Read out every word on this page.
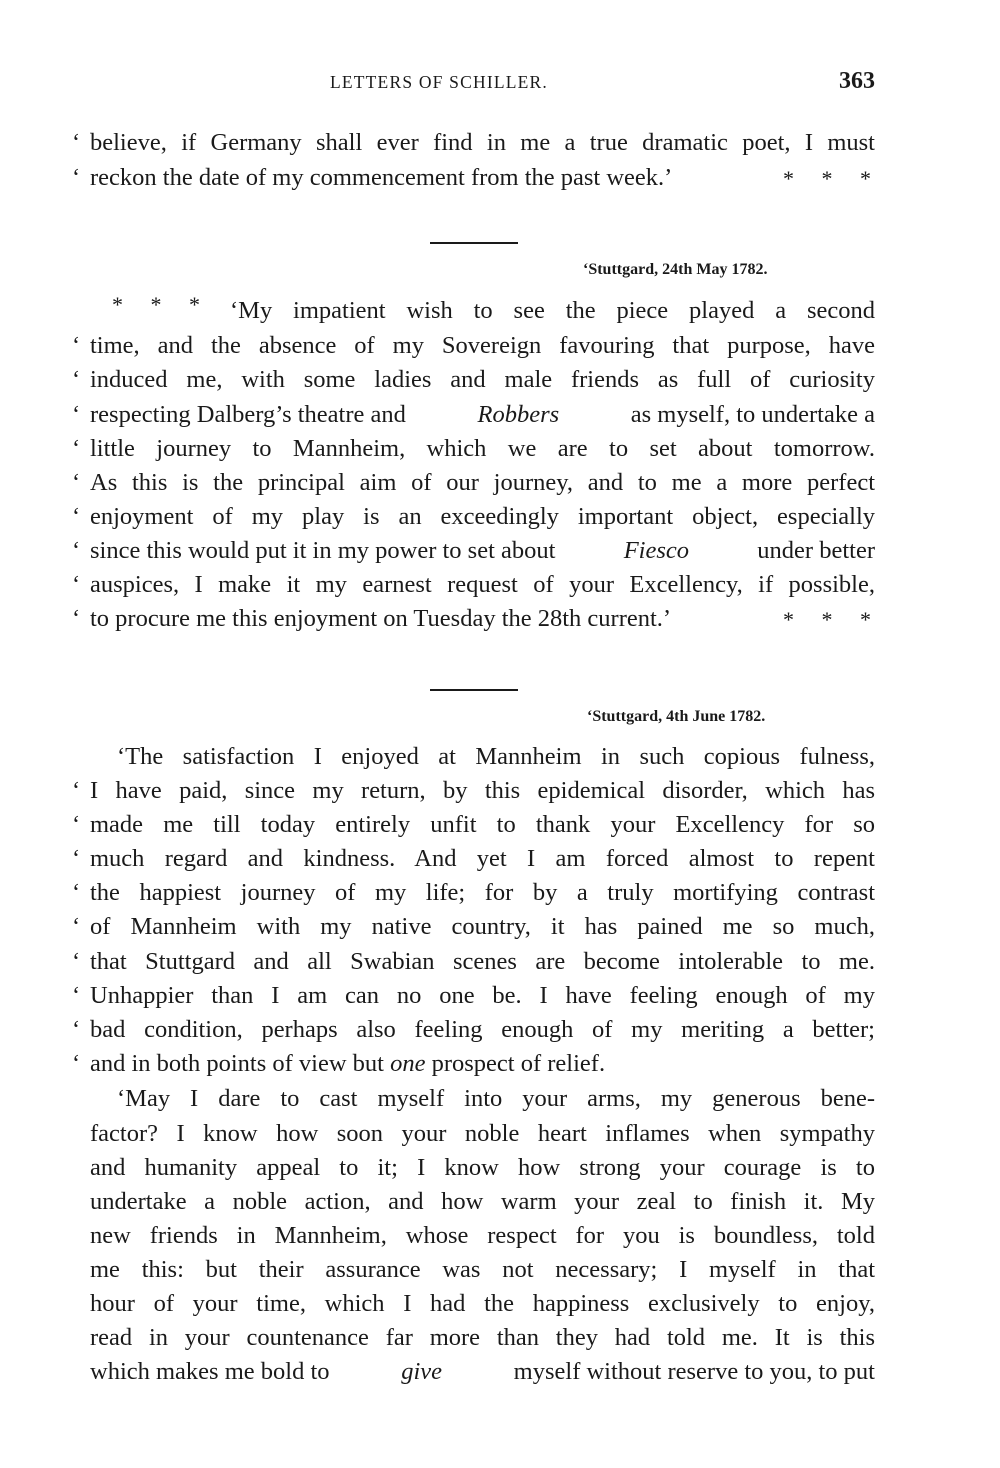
LETTERS OF SCHILLER.	363
‘ believe, if Germany shall ever find in me a true dramatic poet, I must
‘ reckon the date of my commencement from the past week.’	* * *
‘Stuttgard, 24th May 1782.
* * * ‘My impatient wish to see the piece played a second
‘ time, and the absence of my Sovereign favouring that purpose, have
‘ induced me, with some ladies and male friends as full of curiosity
‘ respecting Dalberg’s theatre and	Robbers	as myself, to undertake a
‘ little journey to Mannheim, which we are to set about tomorrow.
‘ As this is the principal aim of our journey, and to me a more perfect
‘ enjoyment of my play is an exceedingly important object, especially
‘ since this would put it in my power to set about	Fiesco	under better
‘ auspices, I make it my earnest request of your Excellency, if possible,
‘ to procure me this enjoyment on Tuesday the 28th current.’	* * *
‘Stuttgard, 4th June 1782.
‘The satisfaction I enjoyed at Mannheim in such copious fulness,
‘ I have paid, since my return, by this epidemical disorder, which has
‘ made me till today entirely unfit to thank your Excellency for so
‘ much regard and kindness. And yet I am forced almost to repent
‘ the happiest journey of my life; for by a truly mortifying contrast
‘ of Mannheim with my native country, it has pained me so much,
‘ that Stuttgard and all Swabian scenes are become intolerable to me.
‘ Unhappier than I am can no one be. I have feeling enough of my
‘ bad condition, perhaps also feeling enough of my meriting a better;
‘ and in both points of view but one prospect of relief.
‘May I dare to cast myself into your arms, my generous bene-
factor? I know how soon your noble heart inflames when sympathy
and humanity appeal to it; I know how strong your courage is to
undertake a noble action, and how warm your zeal to finish it. My
new friends in Mannheim, whose respect for you is boundless, told
me this: but their assurance was not necessary; I myself in that
hour of your time, which I had the happiness exclusively to enjoy,
read in your countenance far more than they had told me. It is this
which makes me bold to	give	myself without reserve to you, to put
